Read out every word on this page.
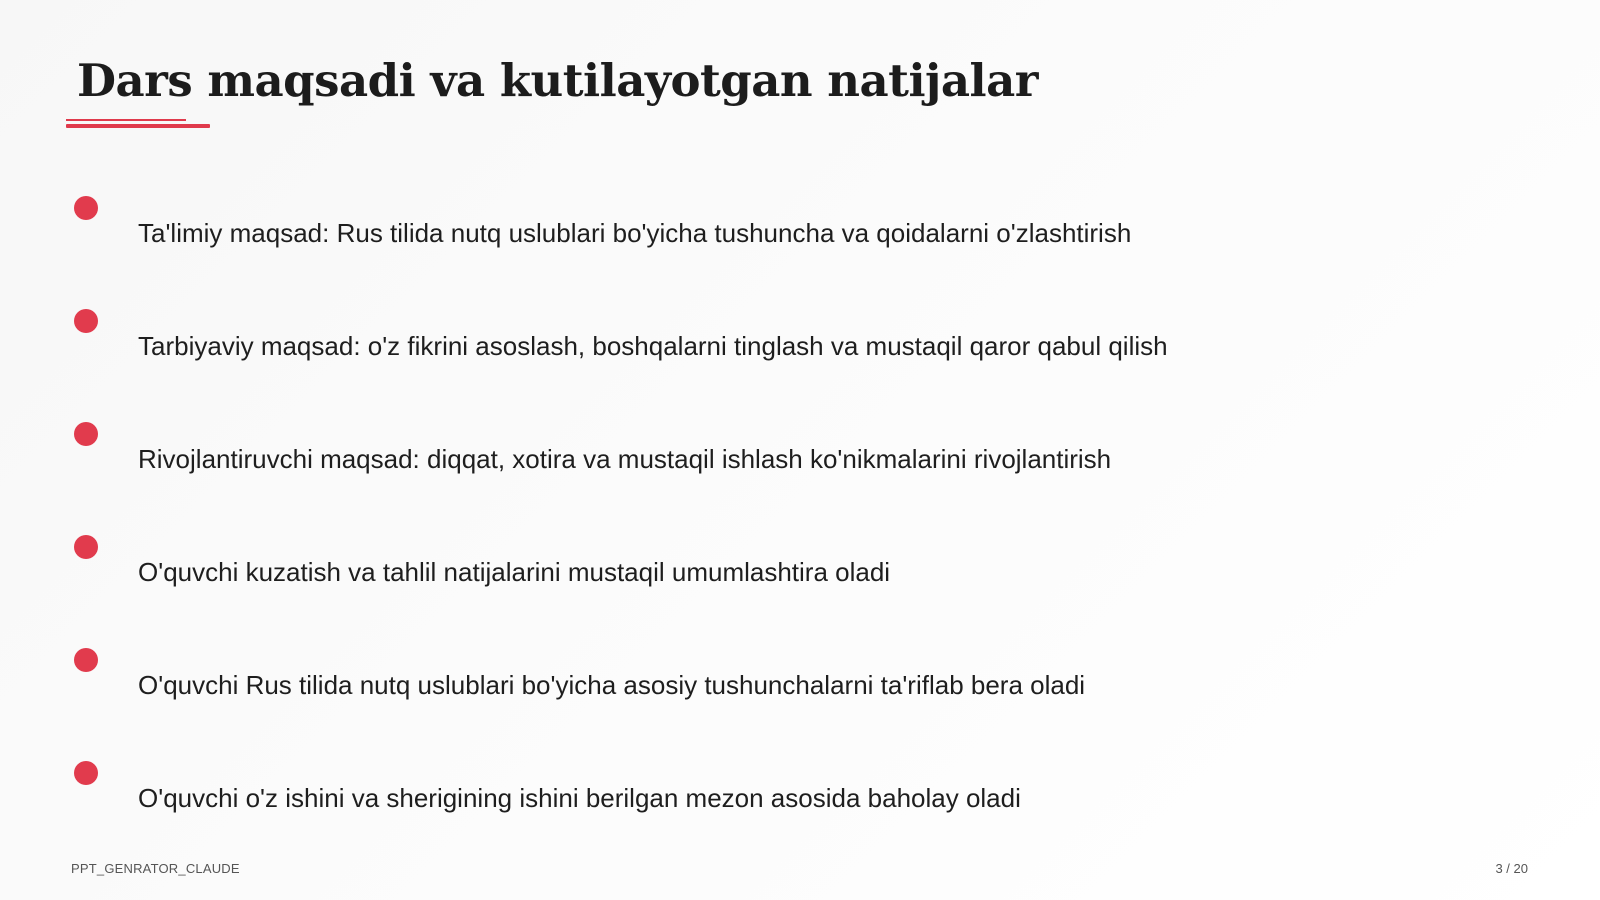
Dars maqsadi va kutilayotgan natijalar
Ta'limiy maqsad: Rus tilida nutq uslublari bo'yicha tushuncha va qoidalarni o'zlashtirish
Tarbiyaviy maqsad: o'z fikrini asoslash, boshqalarni tinglash va mustaqil qaror qabul qilish
Rivojlantiruvchi maqsad: diqqat, xotira va mustaqil ishlash ko'nikmalarini rivojlantirish
O'quvchi kuzatish va tahlil natijalarini mustaqil umumlashtira oladi
O'quvchi Rus tilida nutq uslublari bo'yicha asosiy tushunchalarni ta'riflab bera oladi
O'quvchi o'z ishini va sherigining ishini berilgan mezon asosida baholay oladi
PPT_GENRATOR_CLAUDE	3 / 20
